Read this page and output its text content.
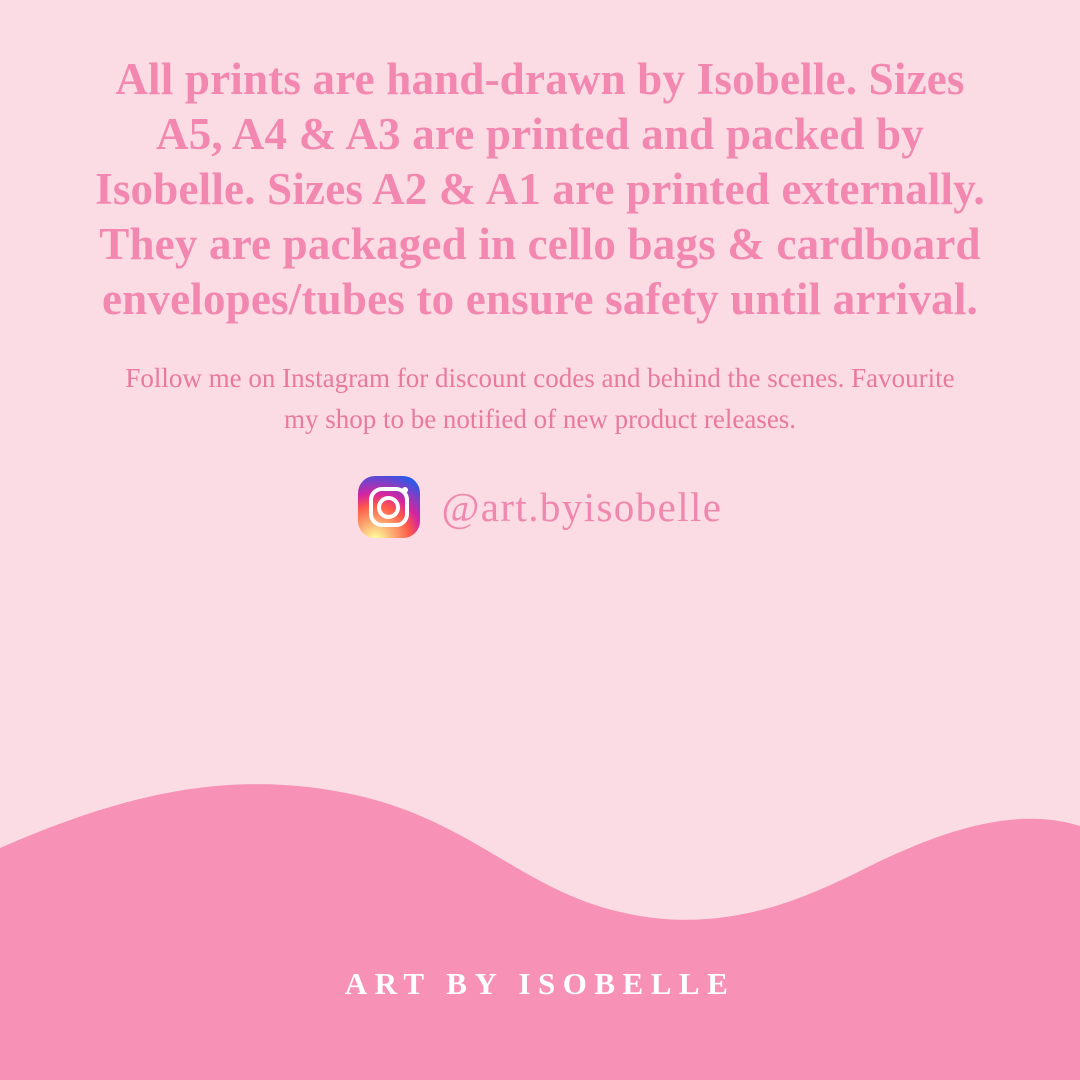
All prints are hand-drawn by Isobelle. Sizes A5, A4 & A3 are printed and packed by Isobelle. Sizes A2 & A1 are printed externally. They are packaged in cello bags & cardboard envelopes/tubes to ensure safety until arrival.

Follow me on Instagram for discount codes and behind the scenes. Favourite my shop to be notified of new product releases.

@art.byisobelle
ART BY ISOBELLE
